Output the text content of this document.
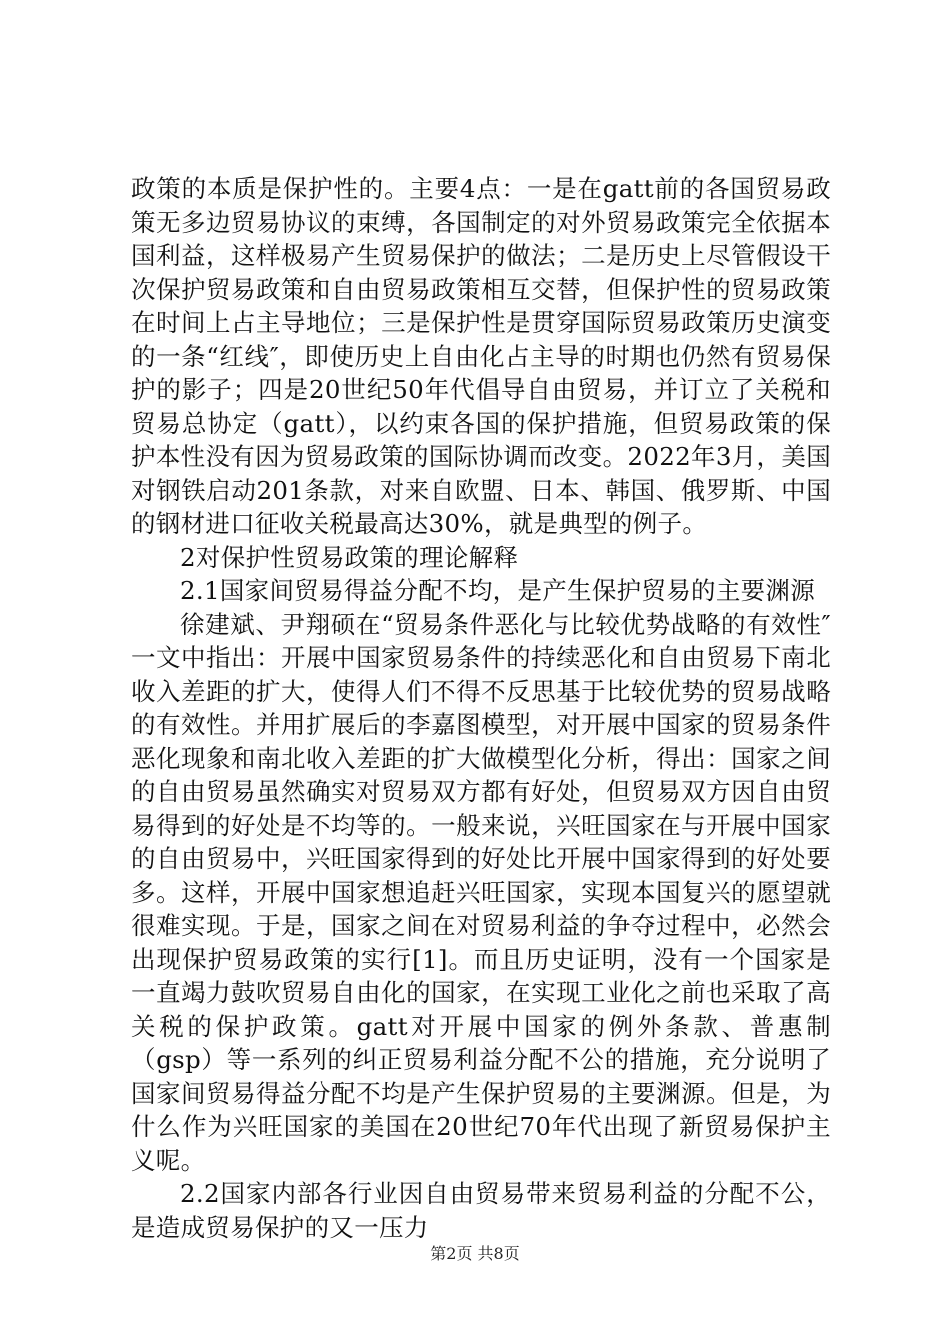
政策的本质是保护性的。主要4点：一是在gatt前的各国贸易政策无多边贸易协议的束缚，各国制定的对外贸易政策完全依据本国利益，这样极易产生贸易保护的做法；二是历史上尽管假设干次保护贸易政策和自由贸易政策相互交替，但保护性的贸易政策在时间上占主导地位；三是保护性是贯穿国际贸易政策历史演变的一条“红线″，即使历史上自由化占主导的时期也仍然有贸易保护的影子；四是20世纪50年代倡导自由贸易，并订立了关税和贸易总协定（gatt），以约束各国的保护措施，但贸易政策的保护本性没有因为贸易政策的国际协调而改变。2022年3月，美国对钢铁启动201条款，对来自欧盟、日本、韩国、俄罗斯、中国的钢材进口征收关税最高达30%，就是典型的例子。

2对保护性贸易政策的理论解释

2.1国家间贸易得益分配不均，是产生保护贸易的主要渊源

徐建斌、尹翔硕在“贸易条件恶化与比较优势战略的有效性″一文中指出：开展中国家贸易条件的持续恶化和自由贸易下南北收入差距的扩大，使得人们不得不反思基于比较优势的贸易战略的有效性。并用扩展后的李嘉图模型，对开展中国家的贸易条件恶化现象和南北收入差距的扩大做模型化分析，得出：国家之间的自由贸易虽然确实对贸易双方都有好处，但贸易双方因自由贸易得到的好处是不均等的。一般来说，兴旺国家在与开展中国家的自由贸易中，兴旺国家得到的好处比开展中国家得到的好处要多。这样，开展中国家想追赶兴旺国家，实现本国复兴的愿望就很难实现。于是，国家之间在对贸易利益的争夺过程中，必然会出现保护贸易政策的实行[1]。而且历史证明，没有一个国家是一直竭力鼓吹贸易自由化的国家，在实现工业化之前也采取了高关税的保护政策。gatt对开展中国家的例外条款、普惠制（gsp）等一系列的纠正贸易利益分配不公的措施，充分说明了国家间贸易得益分配不均是产生保护贸易的主要渊源。但是，为什么作为兴旺国家的美国在20世纪70年代出现了新贸易保护主义呢。

2.2国家内部各行业因自由贸易带来贸易利益的分配不公，是造成贸易保护的又一压力

第2页 共8页
